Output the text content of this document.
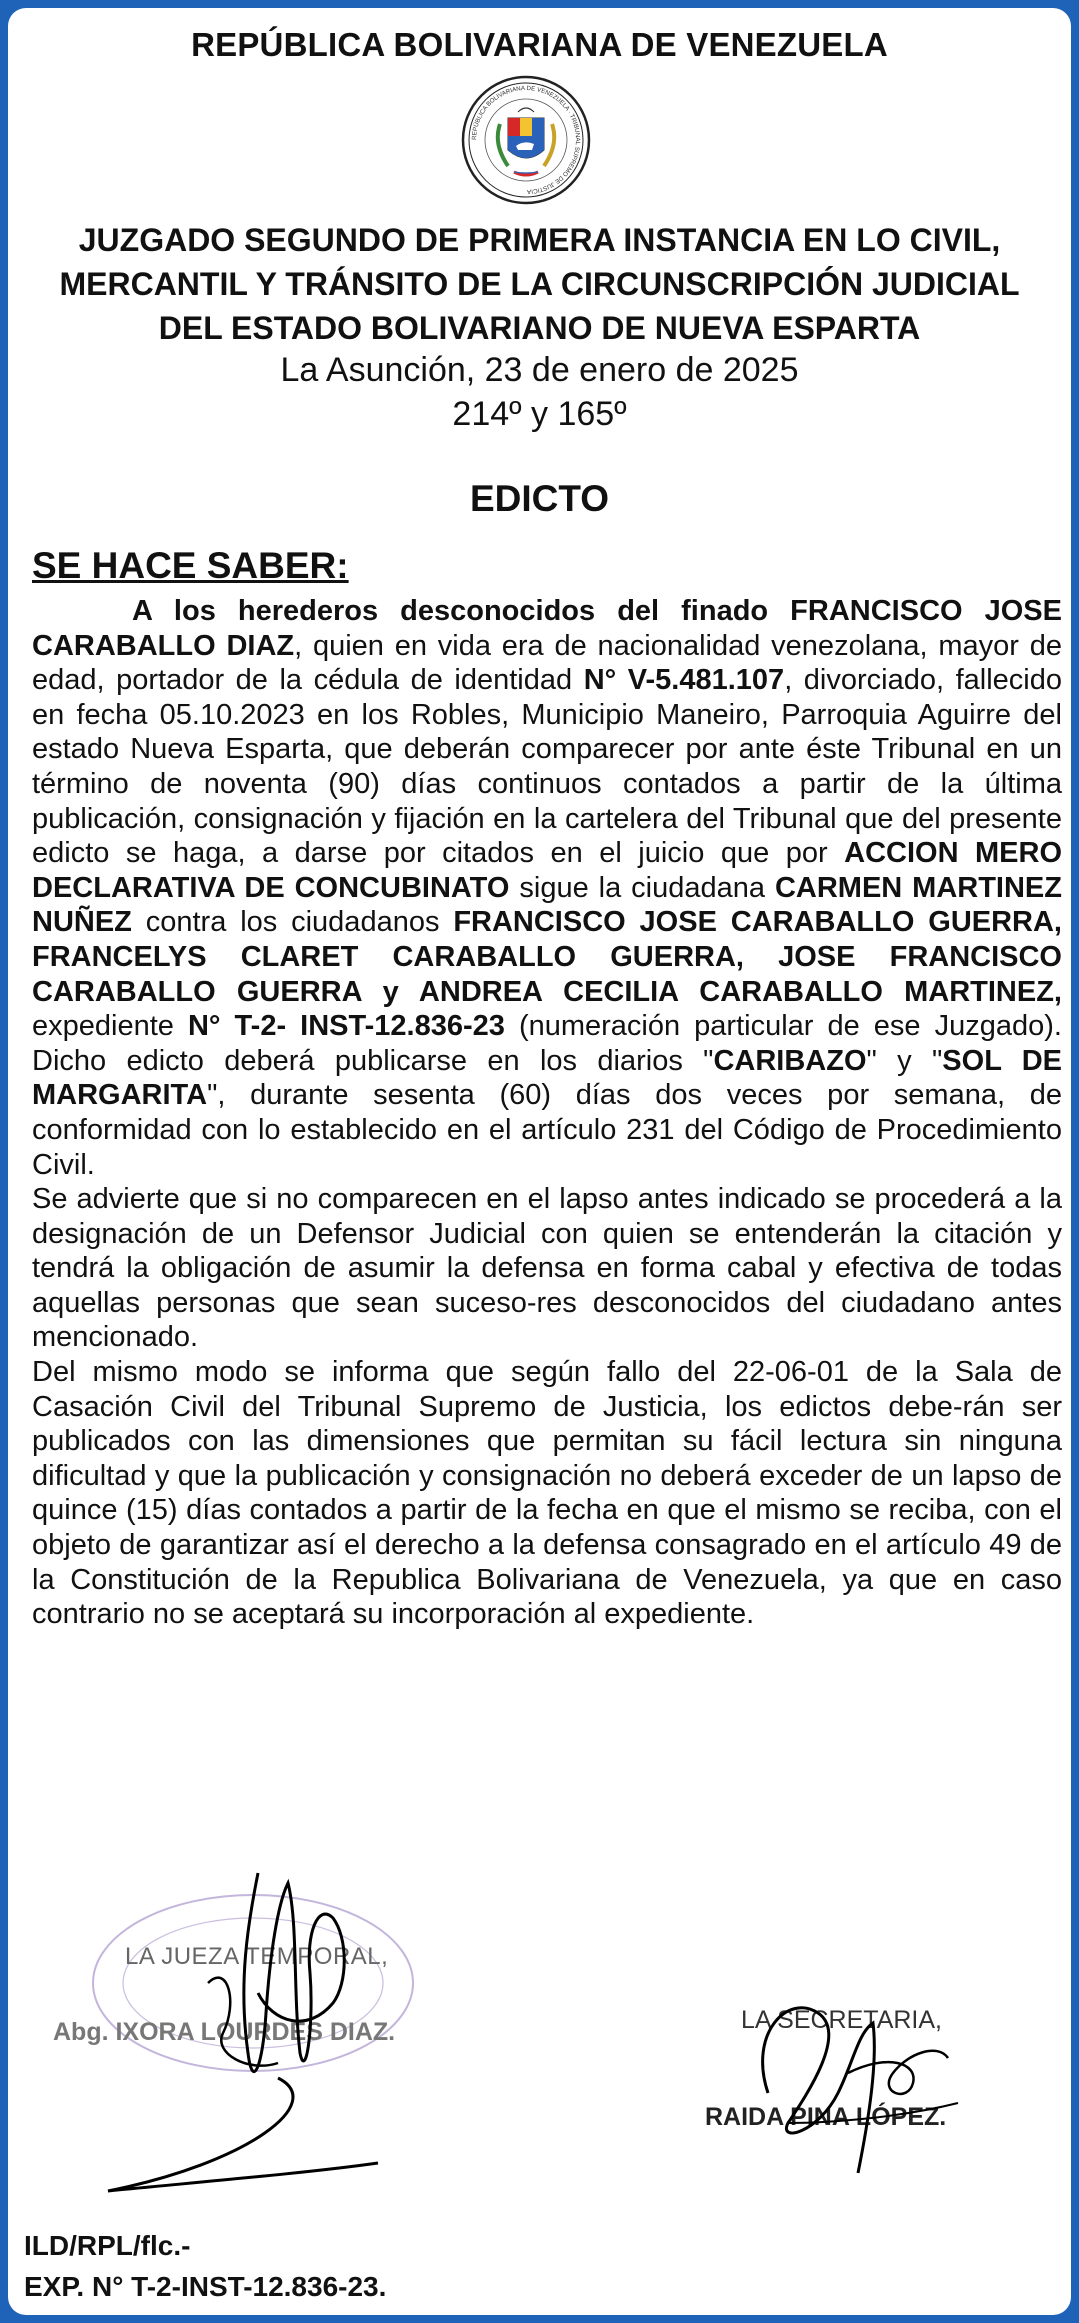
REPÚBLICA BOLIVARIANA DE VENEZUELA
REPÚBLICA BOLIVARIANA DE VENEZUELA · TRIBUNAL SUPREMO DE JUSTICIA
JUZGADO SEGUNDO DE PRIMERA INSTANCIA EN LO CIVIL,
MERCANTIL Y TRÁNSITO DE LA CIRCUNSCRIPCIÓN JUDICIAL
DEL ESTADO BOLIVARIANO DE NUEVA ESPARTA
La Asunción, 23 de enero de 2025
214º y 165º
EDICTO
SE HACE SABER:

A los herederos desconocidos del finado FRANCISCO JOSE CARABALLO DIAZ, quien en vida era de nacionalidad venezolana, mayor de edad, portador de la cédula de identidad N° V-5.481.107, divorciado, fallecido en fecha 05.10.2023 en los Robles, Municipio Maneiro, Parroquia Aguirre del estado Nueva Esparta, que deberán comparecer por ante éste Tribunal en un término de noventa (90) días continuos contados a partir de la última publicación, consignación y fijación en la cartelera del Tribunal que del presente edicto se haga, a darse por citados en el juicio que por ACCION MERO DECLARATIVA DE CONCUBINATO sigue la ciudadana CARMEN MARTINEZ NUÑEZ contra los ciudadanos FRANCISCO JOSE CARABALLO GUERRA, FRANCELYS CLARET CARABALLO GUERRA, JOSE FRANCISCO CARABALLO GUERRA y ANDREA CECILIA CARABALLO MARTINEZ, expediente N° T-2- INST-12.836-23 (numeración particular de ese Juzgado). Dicho edicto deberá publicarse en los diarios "CARIBAZO" y "SOL DE MARGARITA", durante sesenta (60) días dos veces por semana, de conformidad con lo establecido en el artículo 231 del Código de Procedimiento Civil.

Se advierte que si no comparecen en el lapso antes indicado se procederá a la designación de un Defensor Judicial con quien se entenderán la citación y tendrá la obligación de asumir la defensa en forma cabal y efectiva de todas aquellas personas que sean suceso-res desconocidos del ciudadano antes mencionado.

Del mismo modo se informa que según fallo del 22-06-01 de la Sala de Casación Civil del Tribunal Supremo de Justicia, los edictos debe-rán ser publicados con las dimensiones que permitan su fácil lectura sin ninguna dificultad y que la publicación y consignación no deberá exceder de un lapso de quince (15) días contados a partir de la fecha en que el mismo se reciba, con el objeto de garantizar así el derecho a la defensa consagrado en el artículo 49 de la Constitución de la Republica Bolivariana de Venezuela, ya que en caso contrario no se aceptará su incorporación al expediente.

LA JUEZA TEMPORAL,
Abg. IXORA LOURDES DIAZ.	LA SECRETARIA,
RAIDA PINA LÓPEZ.
ILD/RPL/flc.-
EXP. N° T-2-INST-12.836-23.
